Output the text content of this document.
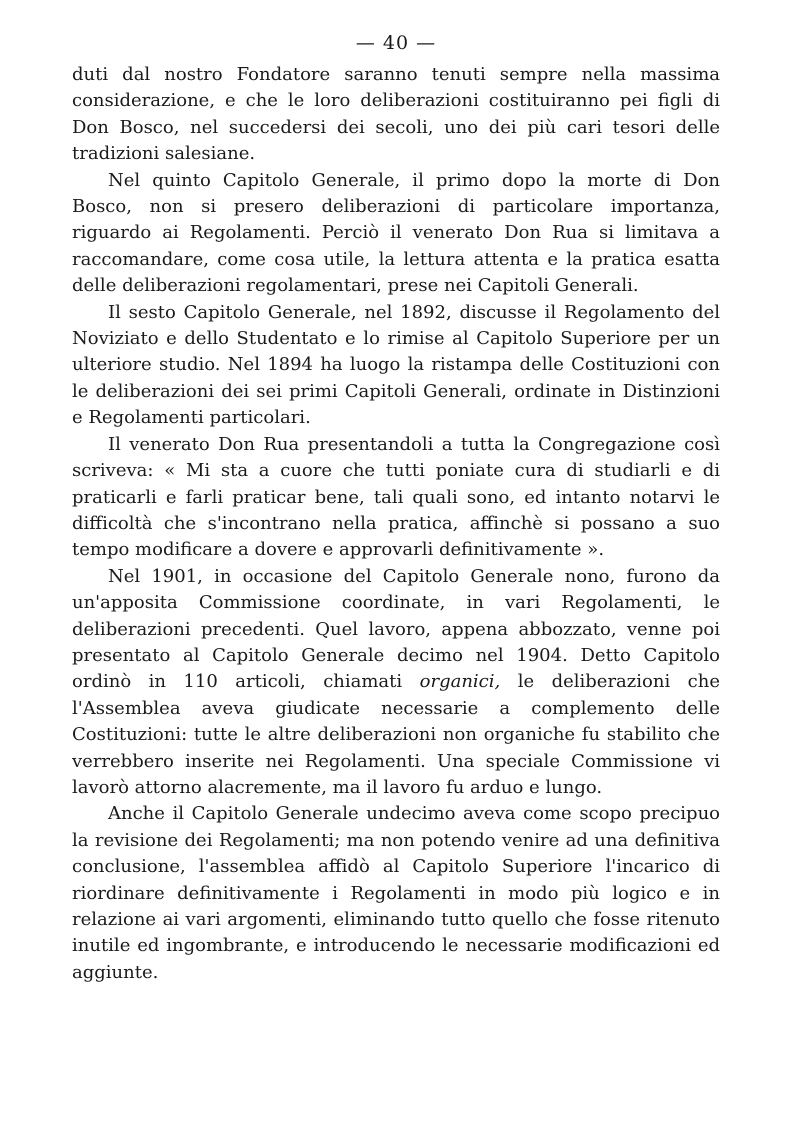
— 40 —

duti dal nostro Fondatore saranno tenuti sempre nella massima considerazione, e che le loro deliberazioni costituiranno pei figli di Don Bosco, nel succedersi dei secoli, uno dei più cari tesori delle tradizioni salesiane.

Nel quinto Capitolo Generale, il primo dopo la morte di Don Bosco, non si presero deliberazioni di particolare importanza, riguardo ai Regolamenti. Perciò il venerato Don Rua si limitava a raccomandare, come cosa utile, la lettura attenta e la pratica esatta delle deliberazioni regolamentari, prese nei Capitoli Generali.

Il sesto Capitolo Generale, nel 1892, discusse il Regolamento del Noviziato e dello Studentato e lo rimise al Capitolo Superiore per un ulteriore studio. Nel 1894 ha luogo la ristampa delle Costituzioni con le deliberazioni dei sei primi Capitoli Generali, ordinate in Distinzioni e Regolamenti particolari.

Il venerato Don Rua presentandoli a tutta la Congregazione così scriveva: « Mi sta a cuore che tutti poniate cura di studiarli e di praticarli e farli praticar bene, tali quali sono, ed intanto notarvi le difficoltà che s'incontrano nella pratica, affinchè si possano a suo tempo modificare a dovere e approvarli definitivamente ».

Nel 1901, in occasione del Capitolo Generale nono, furono da un'apposita Commissione coordinate, in vari Regolamenti, le deliberazioni precedenti. Quel lavoro, appena abbozzato, venne poi presentato al Capitolo Generale decimo nel 1904. Detto Capitolo ordinò in 110 articoli, chiamati organici, le deliberazioni che l'Assemblea aveva giudicate necessarie a complemento delle Costituzioni: tutte le altre deliberazioni non organiche fu stabilito che verrebbero inserite nei Regolamenti. Una speciale Commissione vi lavorò attorno alacremente, ma il lavoro fu arduo e lungo.

Anche il Capitolo Generale undecimo aveva come scopo precipuo la revisione dei Regolamenti; ma non potendo venire ad una definitiva conclusione, l'assemblea affidò al Capitolo Superiore l'incarico di riordinare definitivamente i Regolamenti in modo più logico e in relazione ai vari argomenti, eliminando tutto quello che fosse ritenuto inutile ed ingombrante, e introducendo le necessarie modificazioni ed aggiunte.
